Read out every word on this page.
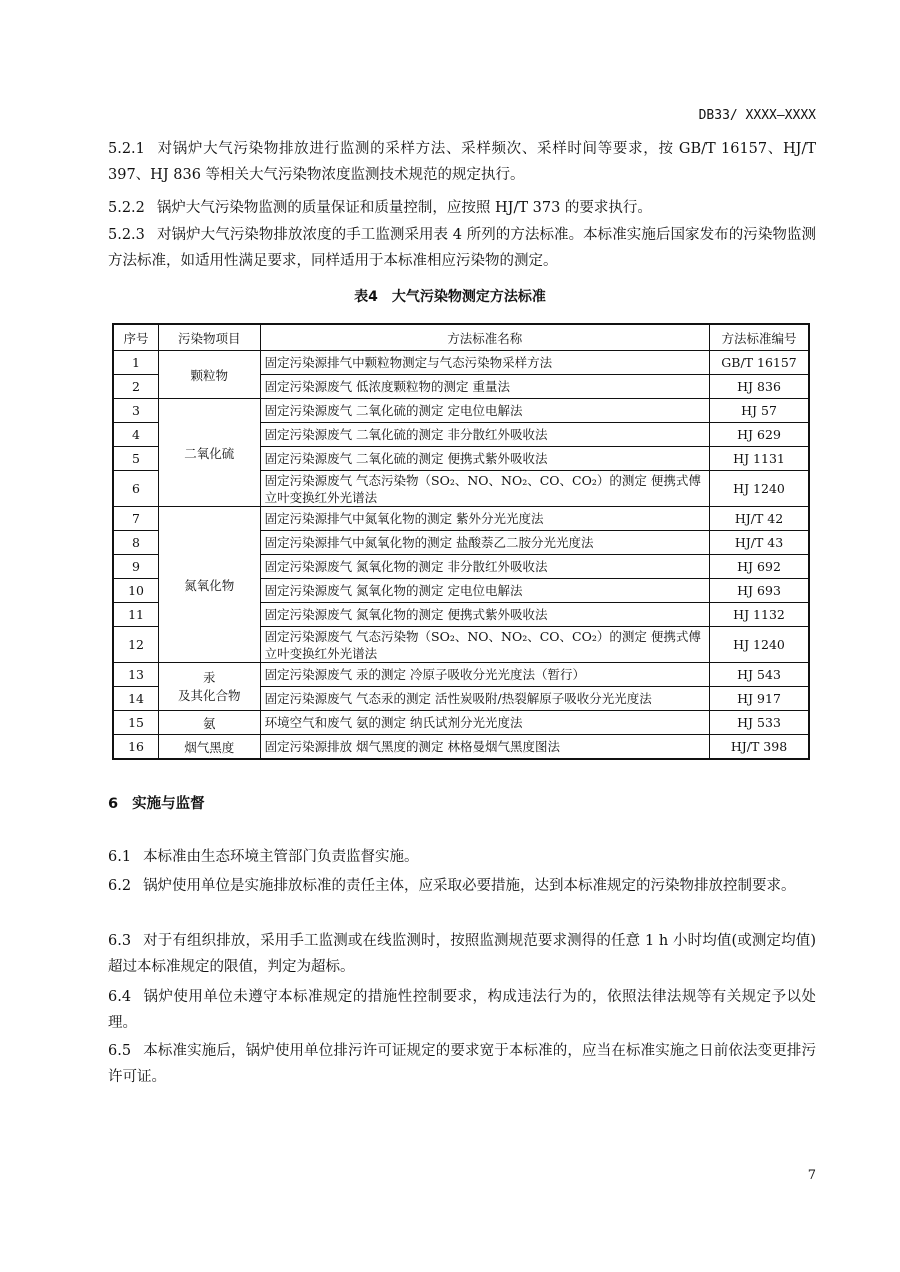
DB33/ XXXX—XXXX

5.2.1 对锅炉大气污染物排放进行监测的采样方法、采样频次、采样时间等要求，按 GB/T 16157、HJ/T 397、HJ 836 等相关大气污染物浓度监测技术规范的规定执行。

5.2.2 锅炉大气污染物监测的质量保证和质量控制，应按照 HJ/T 373 的要求执行。

5.2.3 对锅炉大气污染物排放浓度的手工监测采用表 4 所列的方法标准。本标准实施后国家发布的污染物监测方法标准，如适用性满足要求，同样适用于本标准相应污染物的测定。

表4 大气污染物测定方法标准
序号	污染物项目	方法标准名称	方法标准编号
1	颗粒物	固定污染源排气中颗粒物测定与气态污染物采样方法	GB/T 16157
2		固定污染源废气 低浓度颗粒物的测定 重量法	HJ 836
3	二氧化硫	固定污染源废气 二氧化硫的测定 定电位电解法	HJ 57
4		固定污染源废气 二氧化硫的测定 非分散红外吸收法	HJ 629
5		固定污染源废气 二氧化硫的测定 便携式紫外吸收法	HJ 1131
6		固定污染源废气 气态污染物（SO₂、NO、NO₂、CO、CO₂）的测定 便携式傅立叶变换红外光谱法	HJ 1240
7	氮氧化物	固定污染源排气中氮氧化物的测定 紫外分光光度法	HJ/T 42
8		固定污染源排气中氮氧化物的测定 盐酸萘乙二胺分光光度法	HJ/T 43
9		固定污染源废气 氮氧化物的测定 非分散红外吸收法	HJ 692
10		固定污染源废气 氮氧化物的测定 定电位电解法	HJ 693
11		固定污染源废气 氮氧化物的测定 便携式紫外吸收法	HJ 1132
12		固定污染源废气 气态污染物（SO₂、NO、NO₂、CO、CO₂）的测定 便携式傅立叶变换红外光谱法	HJ 1240
13	汞
及其化合物	固定污染源废气 汞的测定 冷原子吸收分光光度法（暂行）	HJ 543
14		固定污染源废气 气态汞的测定 活性炭吸附/热裂解原子吸收分光光度法	HJ 917
15	氨	环境空气和废气 氨的测定 纳氏试剂分光光度法	HJ 533
16	烟气黑度	固定污染源排放 烟气黑度的测定 林格曼烟气黑度图法	HJ/T 398
6 实施与监督

6.1 本标准由生态环境主管部门负责监督实施。

6.2 锅炉使用单位是实施排放标准的责任主体，应采取必要措施，达到本标准规定的污染物排放控制要求。

6.3 对于有组织排放，采用手工监测或在线监测时，按照监测规范要求测得的任意 1 h 小时均值(或测定均值)超过本标准规定的限值，判定为超标。

6.4 锅炉使用单位未遵守本标准规定的措施性控制要求，构成违法行为的，依照法律法规等有关规定予以处理。

6.5 本标准实施后，锅炉使用单位排污许可证规定的要求宽于本标准的，应当在标准实施之日前依法变更排污许可证。

7
